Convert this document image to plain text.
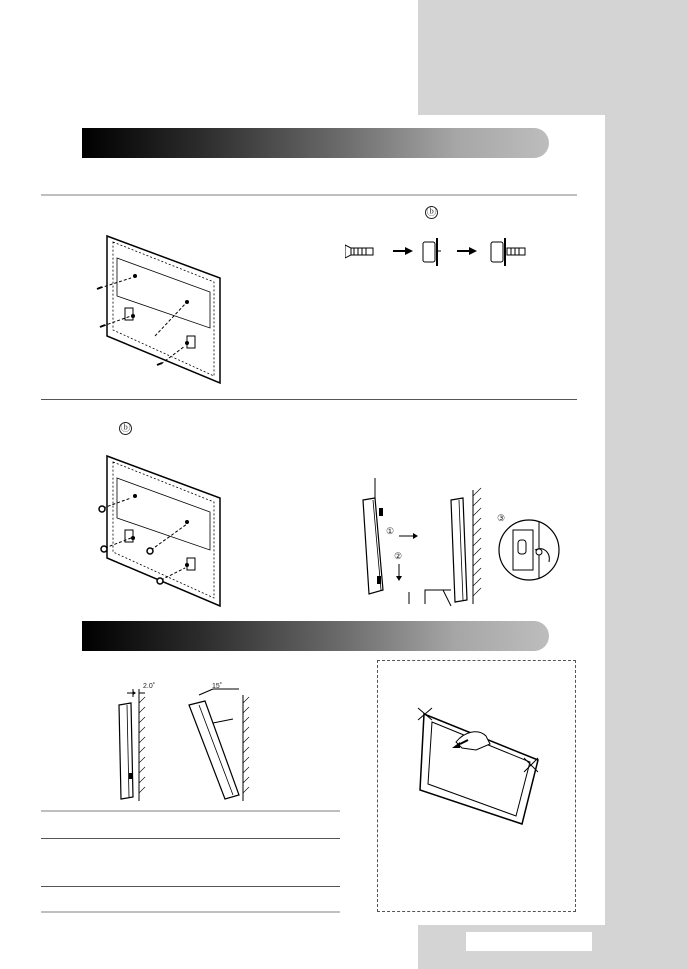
ⓑ
ⓑ
①
②
③
2.0˚	15˚
